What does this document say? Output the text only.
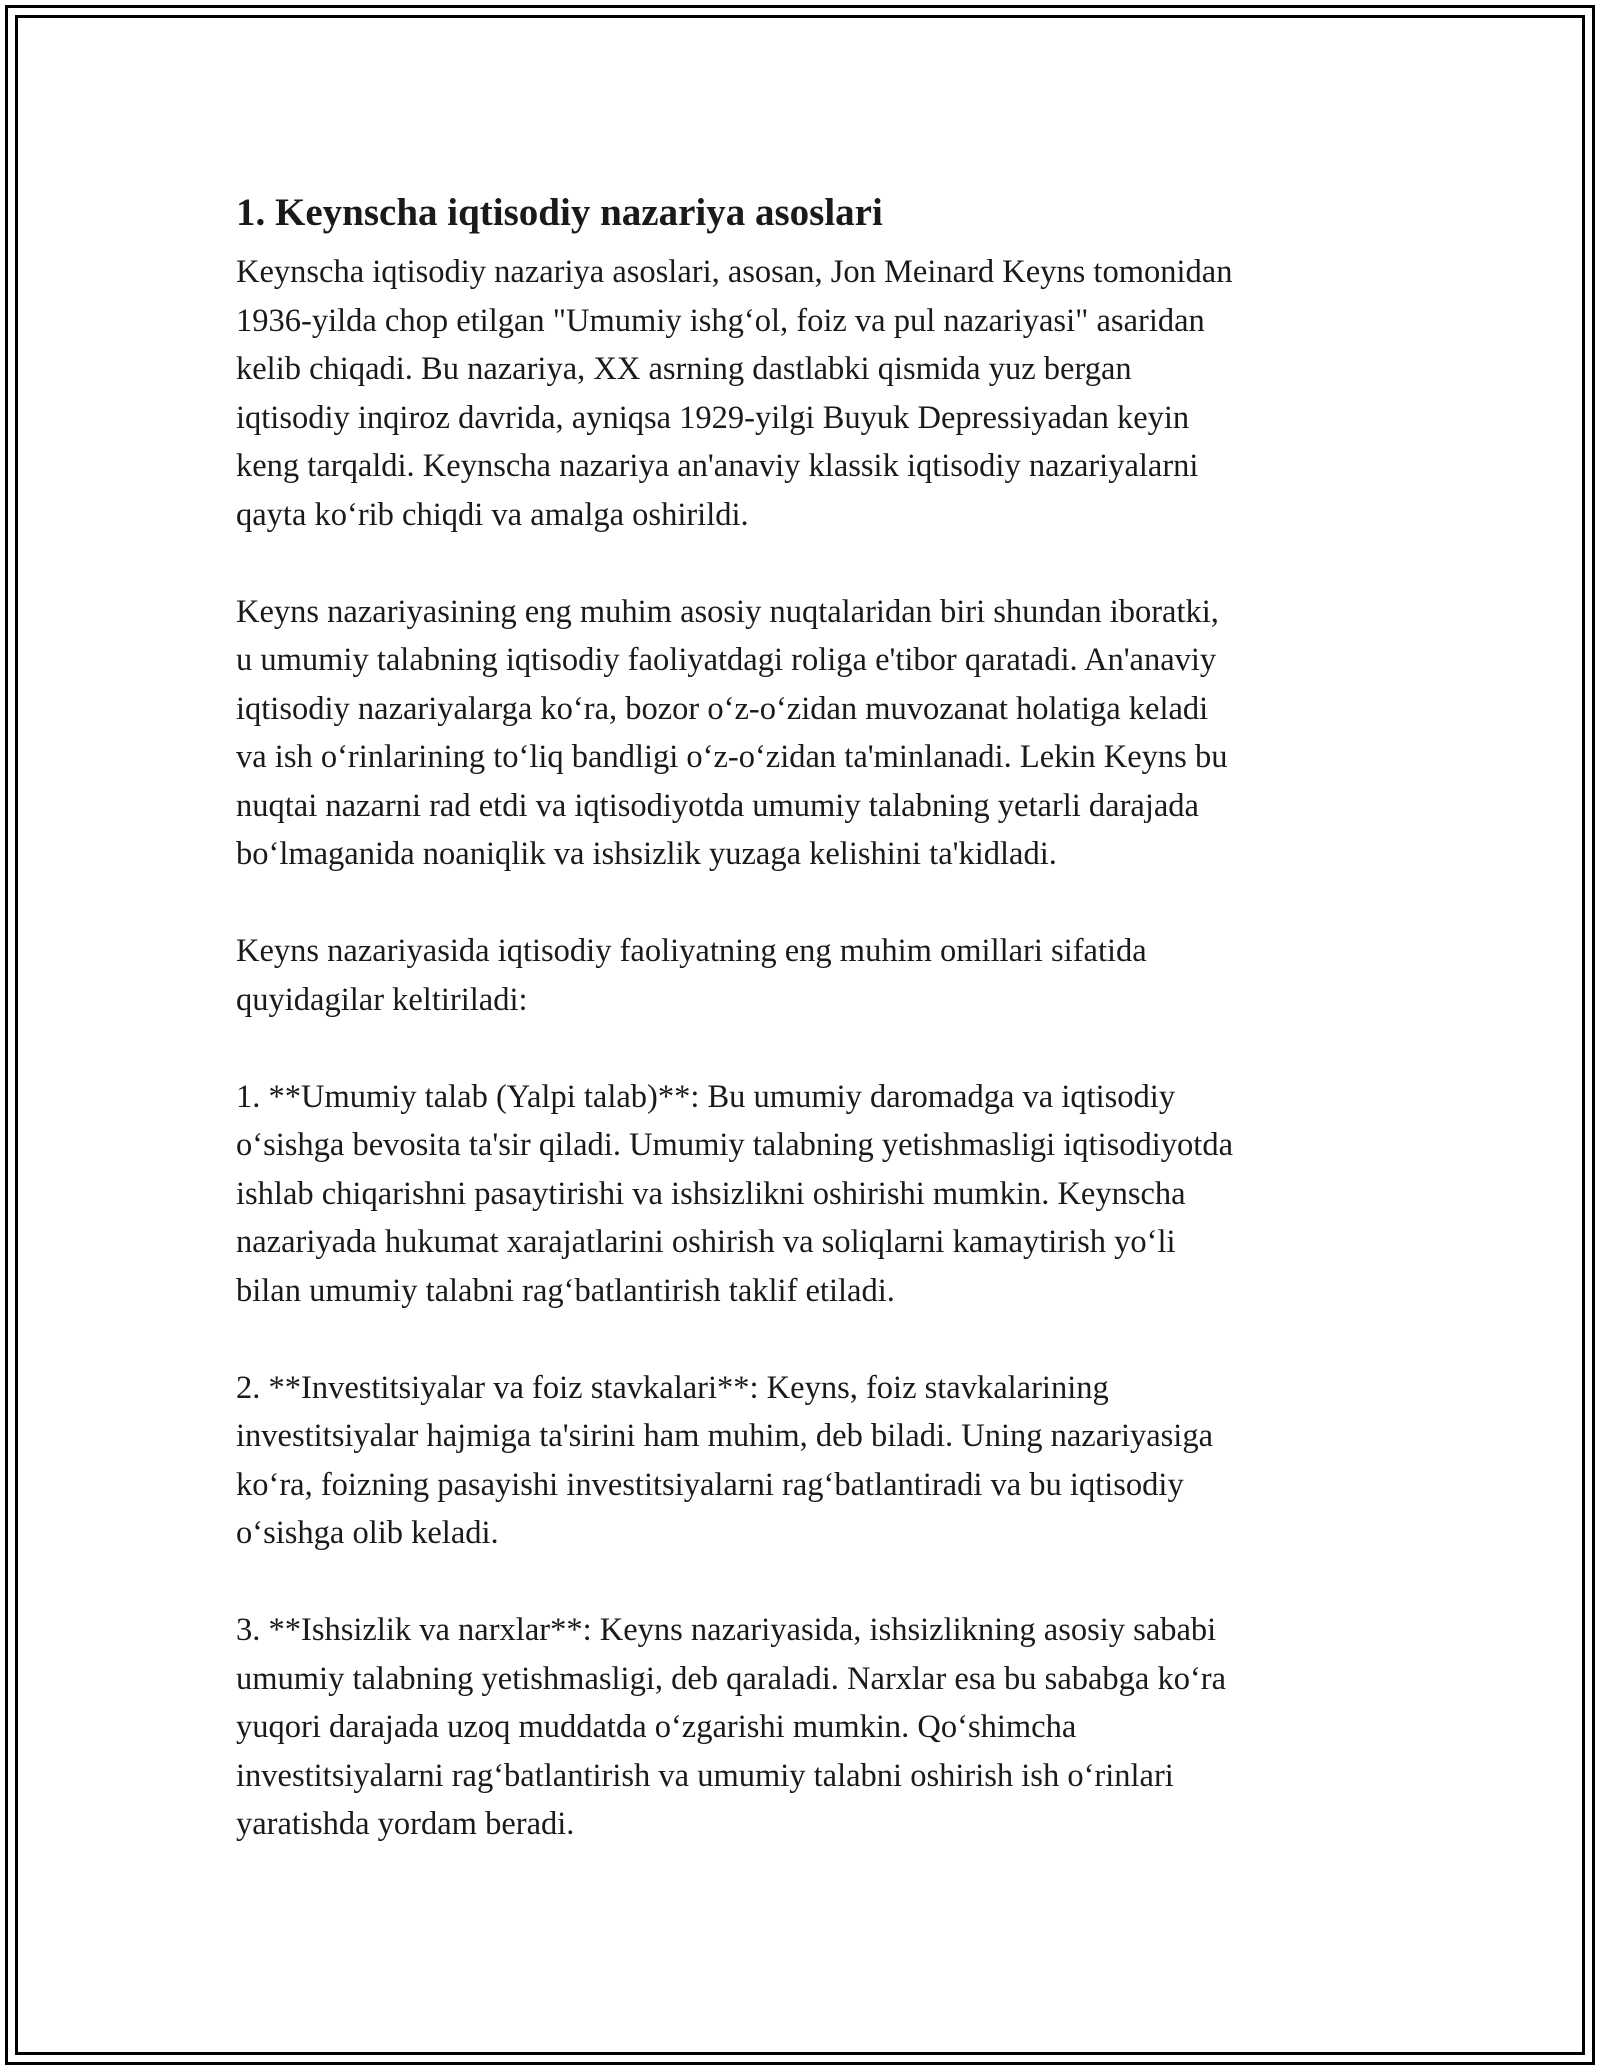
1. Keynscha iqtisodiy nazariya asoslari

Keynscha iqtisodiy nazariya asoslari, asosan, Jon Meinard Keyns tomonidan
1936-yilda chop etilgan "Umumiy ishg‘ol, foiz va pul nazariyasi" asaridan
kelib chiqadi. Bu nazariya, XX asrning dastlabki qismida yuz bergan
iqtisodiy inqiroz davrida, ayniqsa 1929-yilgi Buyuk Depressiyadan keyin
keng tarqaldi. Keynscha nazariya an'anaviy klassik iqtisodiy nazariyalarni
qayta ko‘rib chiqdi va amalga oshirildi.

Keyns nazariyasining eng muhim asosiy nuqtalaridan biri shundan iboratki,
u umumiy talabning iqtisodiy faoliyatdagi roliga e'tibor qaratadi. An'anaviy
iqtisodiy nazariyalarga ko‘ra, bozor o‘z-o‘zidan muvozanat holatiga keladi
va ish o‘rinlarining to‘liq bandligi o‘z-o‘zidan ta'minlanadi. Lekin Keyns bu
nuqtai nazarni rad etdi va iqtisodiyotda umumiy talabning yetarli darajada
bo‘lmaganida noaniqlik va ishsizlik yuzaga kelishini ta'kidladi.

Keyns nazariyasida iqtisodiy faoliyatning eng muhim omillari sifatida
quyidagilar keltiriladi:

1. **Umumiy talab (Yalpi talab)**: Bu umumiy daromadga va iqtisodiy
o‘sishga bevosita ta'sir qiladi. Umumiy talabning yetishmasligi iqtisodiyotda
ishlab chiqarishni pasaytirishi va ishsizlikni oshirishi mumkin. Keynscha
nazariyada hukumat xarajatlarini oshirish va soliqlarni kamaytirish yo‘li
bilan umumiy talabni rag‘batlantirish taklif etiladi.

2. **Investitsiyalar va foiz stavkalari**: Keyns, foiz stavkalarining
investitsiyalar hajmiga ta'sirini ham muhim, deb biladi. Uning nazariyasiga
ko‘ra, foizning pasayishi investitsiyalarni rag‘batlantiradi va bu iqtisodiy
o‘sishga olib keladi.

3. **Ishsizlik va narxlar**: Keyns nazariyasida, ishsizlikning asosiy sababi
umumiy talabning yetishmasligi, deb qaraladi. Narxlar esa bu sababga ko‘ra
yuqori darajada uzoq muddatda o‘zgarishi mumkin. Qo‘shimcha
investitsiyalarni rag‘batlantirish va umumiy talabni oshirish ish o‘rinlari
yaratishda yordam beradi.
